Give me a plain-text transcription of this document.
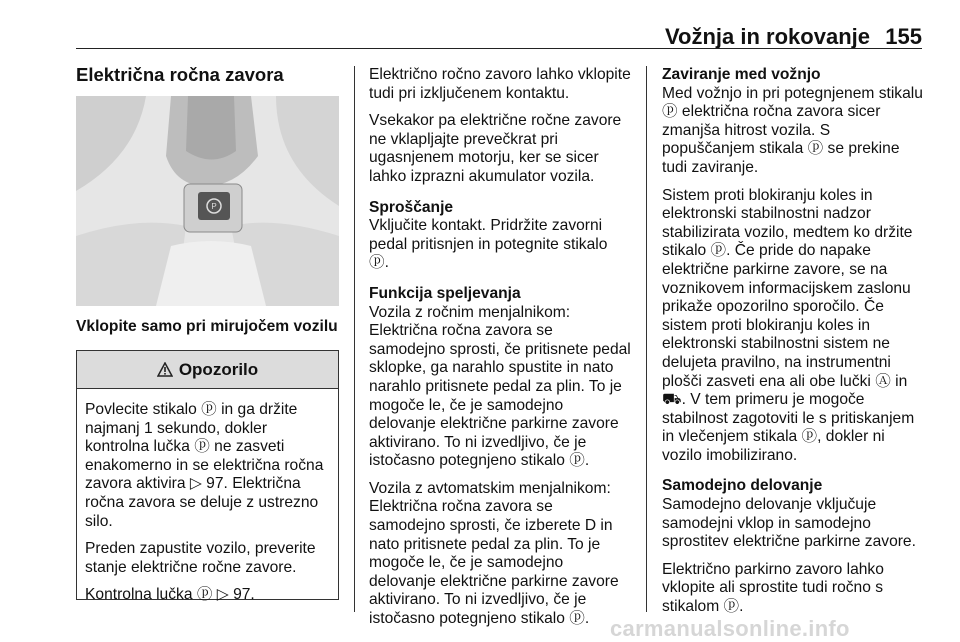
Vožnja in rokovanje 155
Električna ročna zavora
P
Vklopite samo pri mirujočem vozilu
Opozorilo

Povlecite stikalo ⓟ in ga držite najmanj 1 sekundo, dokler kontrolna lučka ⓟ ne zasveti enakomerno in se električna ročna zavora aktivira ▷ 97. Električna ročna zavora se deluje z ustrezno silo.

Preden zapustite vozilo, preverite stanje električne ročne zavore.

Kontrolna lučka ⓟ ▷ 97.

Električno ročno zavoro lahko vklopite tudi pri izključenem kontaktu.

Vsekakor pa električne ročne zavore ne vklapljajte prevečkrat pri ugasnjenem motorju, ker se sicer lahko izprazni akumulator vozila.

Sproščanje

Vključite kontakt. Pridržite zavorni pedal pritisnjen in potegnite stikalo ⓟ.

Funkcija speljevanja

Vozila z ročnim menjalnikom: Električna ročna zavora se samodejno sprosti, če pritisnete pedal sklopke, ga narahlo spustite in nato narahlo pritisnete pedal za plin. To je mogoče le, če je samodejno delovanje električne parkirne zavore aktivirano. To ni izvedljivo, če je istočasno potegnjeno stikalo ⓟ.

Vozila z avtomatskim menjalnikom: Električna ročna zavora se samodejno sprosti, če izberete D in nato pritisnete pedal za plin. To je mogoče le, če je samodejno delovanje električne parkirne zavore aktivirano. To ni izvedljivo, če je istočasno potegnjeno stikalo ⓟ.

Zaviranje med vožnjo

Med vožnjo in pri potegnjenem stikalu ⓟ električna ročna zavora sicer zmanjša hitrost vozila. S popuščanjem stikala ⓟ se prekine tudi zaviranje.

Sistem proti blokiranju koles in elektronski stabilnostni nadzor stabilizirata vozilo, medtem ko držite stikalo ⓟ. Če pride do napake električne parkirne zavore, se na voznikovem informacijskem zaslonu prikaže opozorilno sporočilo. Če sistem proti blokiranju koles in elektronski stabilnostni sistem ne delujeta pravilno, na instrumentni plošči zasveti ena ali obe lučki Ⓐ in ⛟. V tem primeru je mogoče stabilnost zagotoviti le s pritiskanjem in vlečenjem stikala ⓟ, dokler ni vozilo imobilizirano.

Samodejno delovanje

Samodejno delovanje vključuje samodejni vklop in samodejno sprostitev električne parkirne zavore.

Električno parkirno zavoro lahko vklopite ali sprostite tudi ročno s stikalom ⓟ.

carmanualsonline.info
